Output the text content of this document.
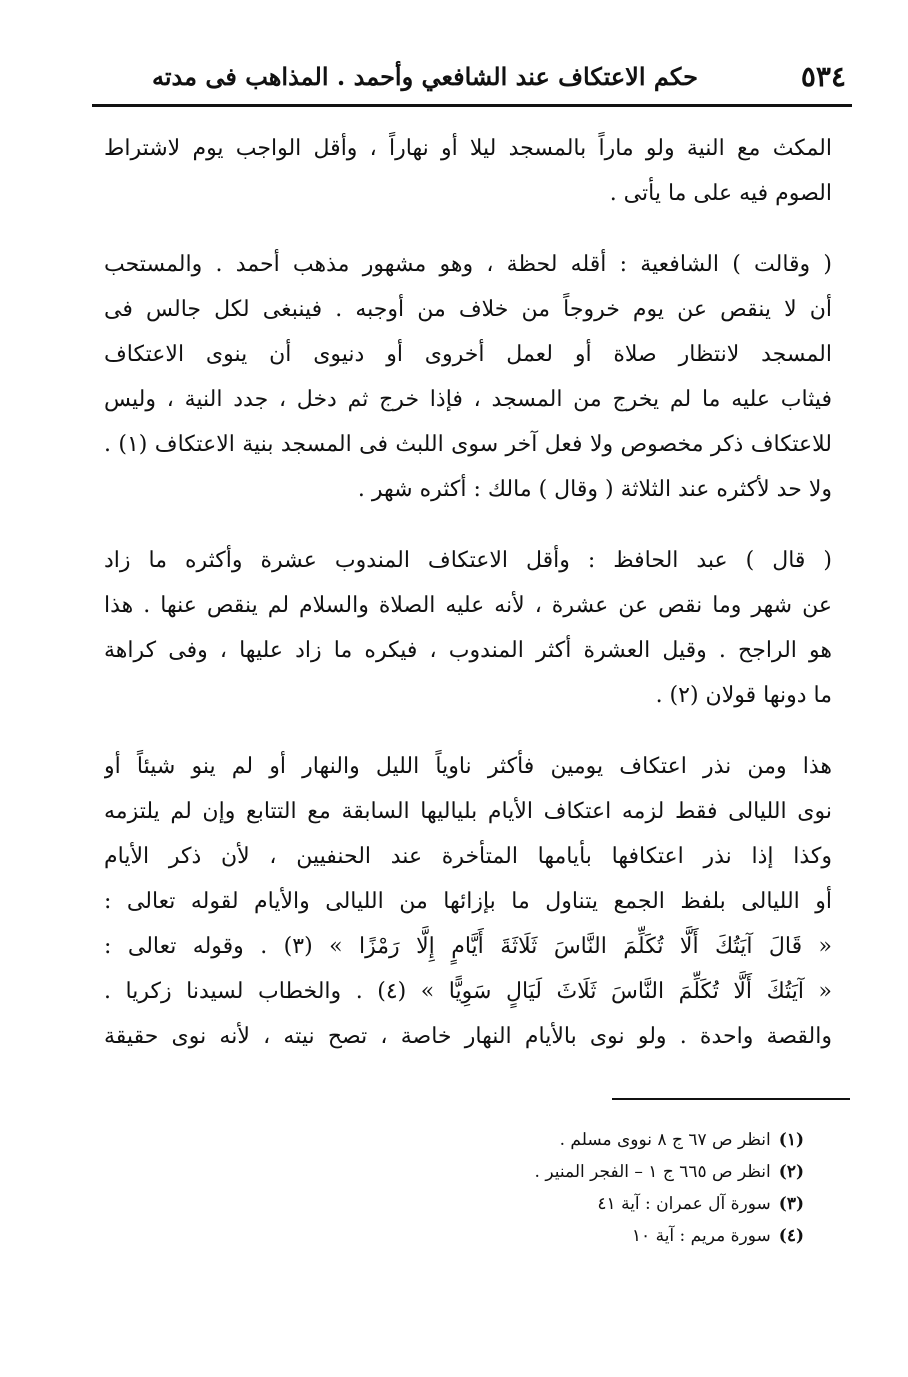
٥٣٤
حكم الاعتكاف عند الشافعي وأحمد . المذاهب فى مدته
المكث مع النية ولو ماراً بالمسجد ليلا أو نهاراً ، وأقل الواجب يوم لاشتراط
الصوم فيه على ما يأتى .
( وقالت ) الشافعية : أقله لحظة ، وهو مشهور مذهب أحمد . والمستحب
أن لا ينقص عن يوم خروجاً من خلاف من أوجبه . فينبغى لكل جالس فى
المسجد لانتظار صلاة أو لعمل أخروى أو دنيوى أن ينوى الاعتكاف
فيثاب عليه ما لم يخرج من المسجد ، فإذا خرج ثم دخل ، جدد النية ، وليس
للاعتكاف ذكر مخصوص ولا فعل آخر سوى اللبث فى المسجد بنية الاعتكاف (١) .
ولا حد لأكثره عند الثلاثة ( وقال ) مالك : أكثره شهر .
( قال ) عبد الحافظ : وأقل الاعتكاف المندوب عشرة وأكثره ما زاد
عن شهر وما نقص عن عشرة ، لأنه عليه الصلاة والسلام لم ينقص عنها . هذا
هو الراجح . وقيل العشرة أكثر المندوب ، فيكره ما زاد عليها ، وفى كراهة
ما دونها قولان (٢) .
هذا ومن نذر اعتكاف يومين فأكثر ناوياً الليل والنهار أو لم ينو شيئاً أو
نوى الليالى فقط لزمه اعتكاف الأيام بلياليها السابقة مع التتابع وإن لم يلتزمه
وكذا إذا نذر اعتكافها بأيامها المتأخرة عند الحنفيين ، لأن ذكر الأيام
أو الليالى بلفظ الجمع يتناول ما بإزائها من الليالى والأيام لقوله تعالى :
« قَالَ آيَتُكَ أَلَّا تُكَلِّمَ النَّاسَ ثَلَاثَةَ أَيَّامٍ إِلَّا رَمْزًا » (٣) . وقوله تعالى :
« آيَتُكَ أَلَّا تُكَلِّمَ النَّاسَ ثَلَاثَ لَيَالٍ سَوِيًّا » (٤) . والخطاب لسيدنا زكريا .
والقصة واحدة . ولو نوى بالأيام النهار خاصة ، تصح نيته ، لأنه نوى حقيقة
(١)انظر ص ٦٧ ج ٨ نووى مسلم .
(٢)انظر ص ٦٦٥ ج ١ – الفجر المنير .
(٣)سورة آل عمران : آية ٤١
(٤)سورة مريم : آية ١٠
